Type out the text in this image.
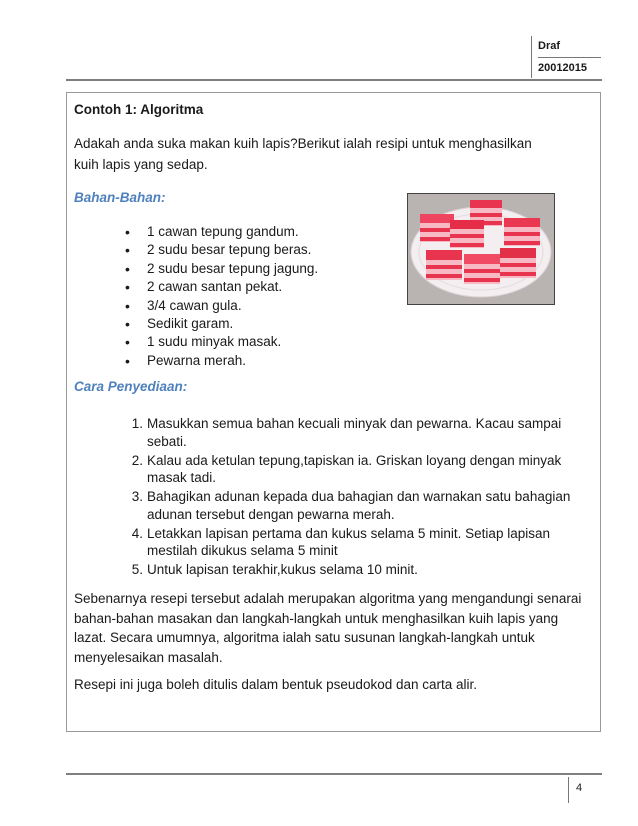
Draf
20012015
Contoh 1: Algoritma
Adakah anda suka makan kuih lapis?Berikut ialah resipi untuk menghasilkan kuih lapis yang sedap.
Bahan-Bahan:
• 1 cawan tepung gandum.
• 2 sudu besar tepung beras.
• 2 sudu besar tepung jagung.
• 2 cawan santan pekat.
• 3/4 cawan gula.
• Sedikit garam.
• 1 sudu minyak masak.
• Pewarna merah.
Cara Penyediaan:
1. Masukkan semua bahan kecuali minyak dan pewarna. Kacau sampai sebati.
2. Kalau ada ketulan tepung,tapiskan ia. Griskan loyang dengan minyak masak tadi.
3. Bahagikan adunan kepada dua bahagian dan warnakan satu bahagian adunan tersebut dengan pewarna merah.
4. Letakkan lapisan pertama dan kukus selama 5 minit. Setiap lapisan mestilah dikukus selama 5 minit
5. Untuk lapisan terakhir,kukus selama 10 minit.
Sebenarnya resepi tersebut adalah merupakan algoritma yang mengandungi senarai bahan-bahan masakan dan langkah-langkah untuk menghasilkan kuih lapis yang lazat. Secara umumnya, algoritma ialah satu susunan langkah-langkah untuk menyelesaikan masalah.
Resepi ini juga boleh ditulis dalam bentuk pseudokod dan carta alir.
4
